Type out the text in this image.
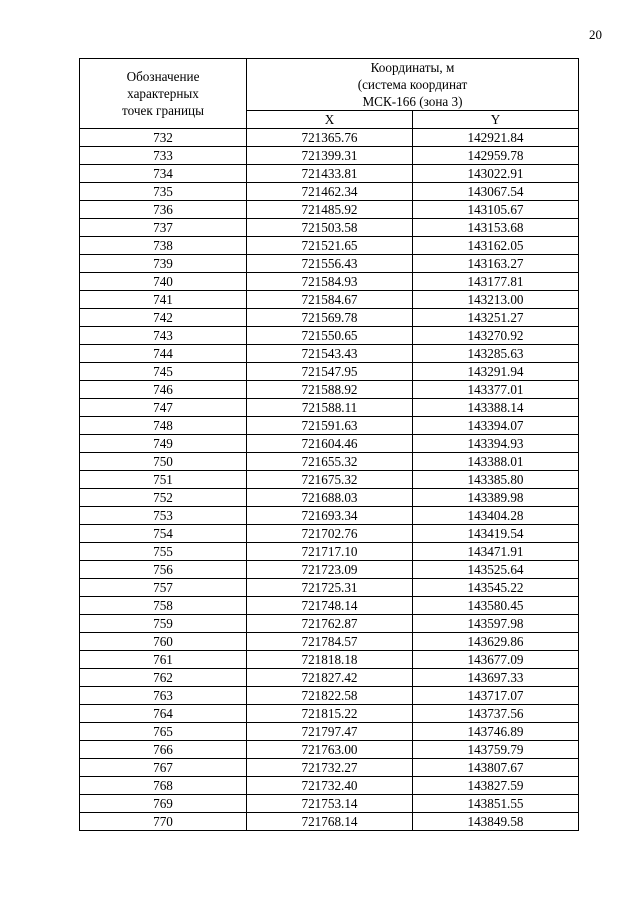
20
Обозначение
характерных
точек границы	Координаты, м
(система координат
МСК-166 (зона 3)	
	X	Y
732	721365.76	142921.84
733	721399.31	142959.78
734	721433.81	143022.91
735	721462.34	143067.54
736	721485.92	143105.67
737	721503.58	143153.68
738	721521.65	143162.05
739	721556.43	143163.27
740	721584.93	143177.81
741	721584.67	143213.00
742	721569.78	143251.27
743	721550.65	143270.92
744	721543.43	143285.63
745	721547.95	143291.94
746	721588.92	143377.01
747	721588.11	143388.14
748	721591.63	143394.07
749	721604.46	143394.93
750	721655.32	143388.01
751	721675.32	143385.80
752	721688.03	143389.98
753	721693.34	143404.28
754	721702.76	143419.54
755	721717.10	143471.91
756	721723.09	143525.64
757	721725.31	143545.22
758	721748.14	143580.45
759	721762.87	143597.98
760	721784.57	143629.86
761	721818.18	143677.09
762	721827.42	143697.33
763	721822.58	143717.07
764	721815.22	143737.56
765	721797.47	143746.89
766	721763.00	143759.79
767	721732.27	143807.67
768	721732.40	143827.59
769	721753.14	143851.55
770	721768.14	143849.58
